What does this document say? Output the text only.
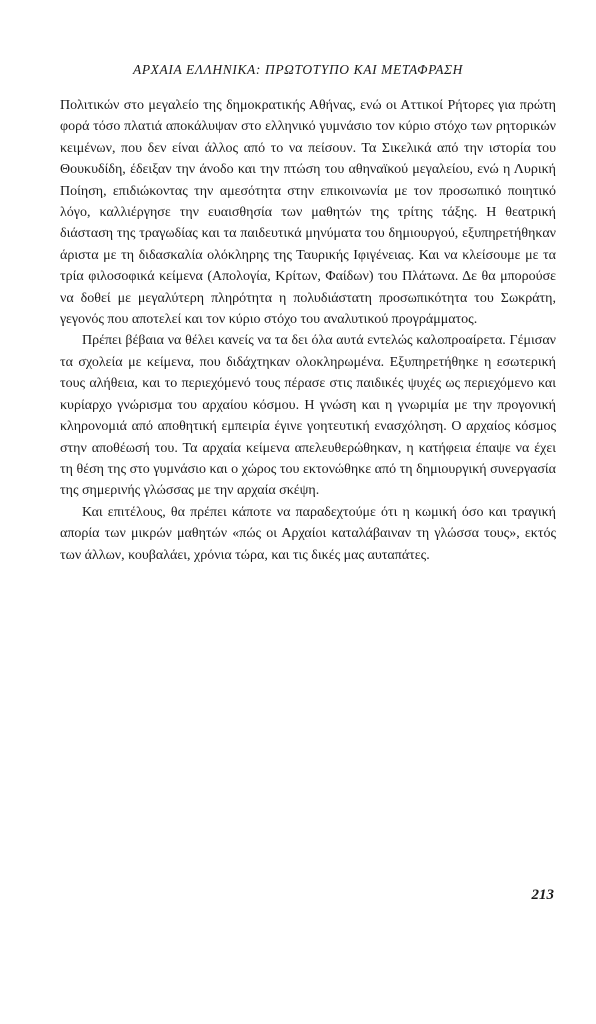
ΑΡΧΑΙΑ ΕΛΛΗΝΙΚΑ: ΠΡΩΤΟΤΥΠΟ ΚΑΙ ΜΕΤΑΦΡΑΣΗ

Πολιτικών στο μεγαλείο της δημοκρατικής Αθήνας, ενώ οι Αττικοί Ρήτορες για πρώτη φορά τόσο πλατιά αποκάλυψαν στο ελληνικό γυμνάσιο τον κύριο στόχο των ρητορικών κειμένων, που δεν είναι άλλος από το να πείσουν. Τα Σικελικά από την ιστορία του Θουκυδίδη, έδειξαν την άνοδο και την πτώση του αθηναϊκού μεγαλείου, ενώ η Λυρική Ποίηση, επιδιώκοντας την αμεσότητα στην επικοινωνία με τον προσωπικό ποιητικό λόγο, καλλιέργησε την ευαισθησία των μαθητών της τρίτης τάξης. Η θεατρική διάσταση της τραγωδίας και τα παιδευτικά μηνύματα του δημιουργού, εξυπηρετήθηκαν άριστα με τη διδασκαλία ολόκληρης της Ταυρικής Ιφιγένειας. Και να κλείσουμε με τα τρία φιλοσοφικά κείμενα (Απολογία, Κρίτων, Φαίδων) του Πλάτωνα. Δε θα μπορούσε να δοθεί με μεγαλύτερη πληρότητα η πολυδιάστατη προσωπικότητα του Σωκράτη, γεγονός που αποτελεί και τον κύριο στόχο του αναλυτικού προγράμματος.

Πρέπει βέβαια να θέλει κανείς να τα δει όλα αυτά εντελώς καλοπροαίρετα. Γέμισαν τα σχολεία με κείμενα, που διδάχτηκαν ολοκληρωμένα. Εξυπηρετήθηκε η εσωτερική τους αλήθεια, και το περιεχόμενό τους πέρασε στις παιδικές ψυχές ως περιεχόμενο και κυρίαρχο γνώρισμα του αρχαίου κόσμου. Η γνώση και η γνωριμία με την προγονική κληρονομιά από αποθητική εμπειρία έγινε γοητευτική ενασχόληση. Ο αρχαίος κόσμος στην αποθέωσή του. Τα αρχαία κείμενα απελευθερώθηκαν, η κατήφεια έπαψε να έχει τη θέση της στο γυμνάσιο και ο χώρος του εκτονώθηκε από τη δημιουργική συνεργασία της σημερινής γλώσσας με την αρχαία σκέψη.

Και επιτέλους, θα πρέπει κάποτε να παραδεχτούμε ότι η κωμική όσο και τραγική απορία των μικρών μαθητών «πώς οι Αρχαίοι καταλάβαιναν τη γλώσσα τους», εκτός των άλλων, κουβαλάει, χρόνια τώρα, και τις δικές μας αυταπάτες.

213
